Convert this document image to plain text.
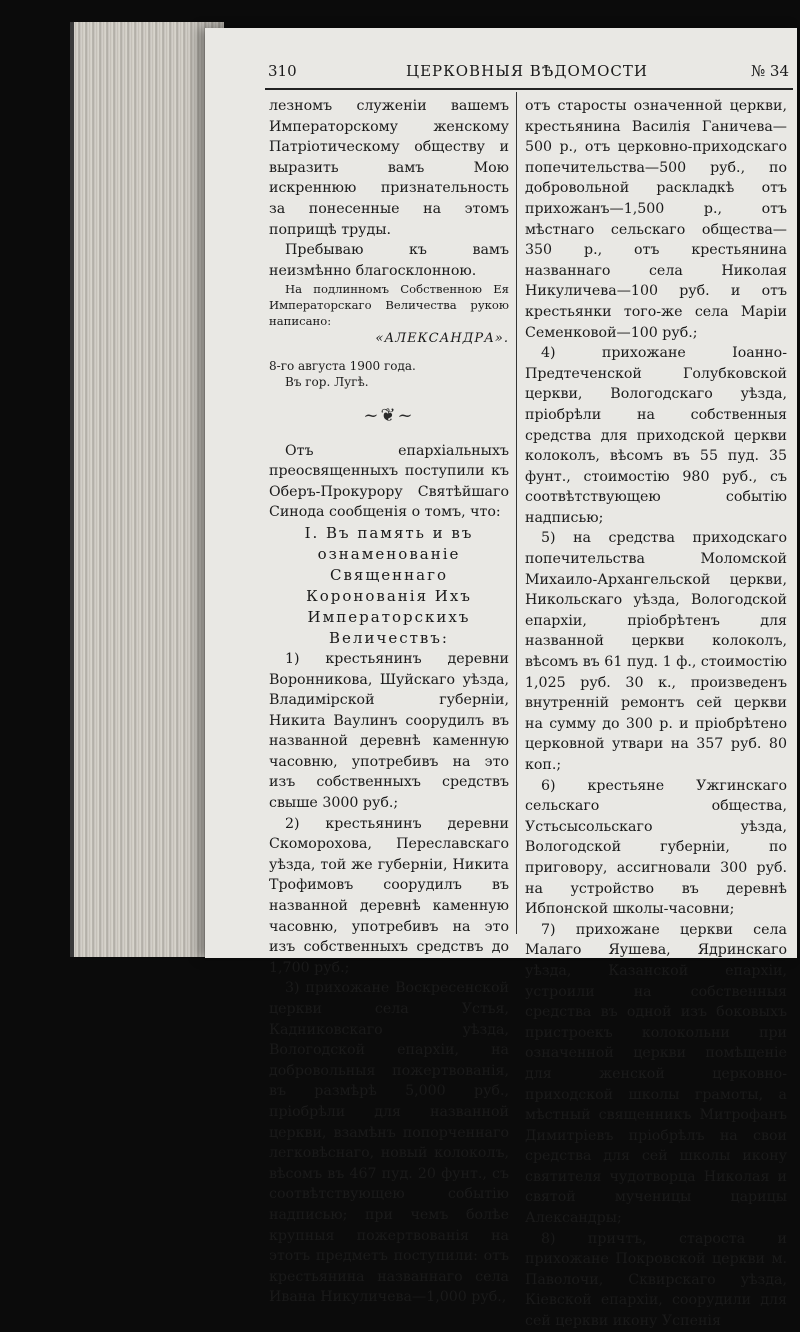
310	ЦЕРКОВНЫЯ ВѢДОМОСТИ	№ 34

лезномъ служеніи вашемъ Императорскому женскому Патріотическому обществу и выразить вамъ Мою искреннюю признательность за понесенные на этомъ поприщѣ труды.

Пребываю къ вамъ неизмѣнно благосклонною.

На подлинномъ Собственною Ея Императорскаго Величества рукою написано:

«АЛЕКСАНДРА».

8-го августа 1900 года.
Въ гор. Лугѣ.
~❦~

Отъ епархіальныхъ преосвященныхъ поступили къ Оберъ-Прокурору Святѣйшаго Синода сообщенія о томъ, что:

I. Въ память и въ ознаменованіе Священнаго Коронованія Ихъ Императорскихъ Величествъ:

1) крестьянинъ деревни Воронникова, Шуйскаго уѣзда, Владимірской губерніи, Никита Ваулинъ соорудилъ въ названной деревнѣ каменную часовню, употребивъ на это изъ собственныхъ средствъ свыше 3000 руб.;

2) крестьянинъ деревни Скоморохова, Переславскаго уѣзда, той же губерніи, Никита Трофимовъ соорудилъ въ названной деревнѣ каменную часовню, употребивъ на это изъ собственныхъ средствъ до 1,700 руб.;

3) прихожане Воскресенской церкви села Устья, Кадниковскаго уѣзда, Вологодской епархіи, на добровольныя пожертвованія, въ размѣрѣ 5,000 руб., пріобрѣли для названной церкви, взамѣнъ попорченнаго легковѣснаго, новый колоколъ, вѣсомъ въ 467 пуд. 20 фунт., съ соотвѣтствующею событію надписью; при чемъ болѣе крупныя пожертвованія на этотъ предметъ поступили: отъ крестьянина названнаго села Ивана Никуличева—1,000 руб.,

отъ старосты означенной церкви, крестьянина Василія Ганичева—500 р., отъ церковно-приходскаго попечительства—500 руб., по добровольной раскладкѣ отъ прихожанъ—1,500 р., отъ мѣстнаго сельскаго общества—350 р., отъ крестьянина названнаго села Николая Никуличева—100 руб. и отъ крестьянки того-же села Маріи Семенковой—100 руб.;

4) прихожане Іоанно-Предтеченской Голубковской церкви, Вологодскаго уѣзда, пріобрѣли на собственныя средства для приходской церкви колоколъ, вѣсомъ въ 55 пуд. 35 фунт., стоимостію 980 руб., съ соотвѣтствующею событію надписью;

5) на средства приходскаго попечительства Моломской Михаило-Архангельской церкви, Никольскаго уѣзда, Вологодской епархіи, пріобрѣтенъ для названной церкви колоколъ, вѣсомъ въ 61 пуд. 1 ф., стоимостію 1,025 руб. 30 к., произведенъ внутренній ремонтъ сей церкви на сумму до 300 р. и пріобрѣтено церковной утвари на 357 руб. 80 коп.;

6) крестьяне Ужгинскаго сельскаго общества, Устьсысольскаго уѣзда, Вологодской губерніи, по приговору, ассигновали 300 руб. на устройство въ деревнѣ Ибпонской школы-часовни;

7) прихожане церкви села Малаго Яушева, Ядринскаго уѣзда, Казанской епархіи, устроили на собственныя средства въ одной изъ боковыхъ пристроекъ колокольни при означенной церкви помѣщеніе для женской церковно-приходской школы грамоты, а мѣстный священникъ Митрофанъ Димитріевъ пріобрѣлъ на свои средства для сей школы икону святителя чудотворца Николая и святой мученицы царицы Александры;

8) причтъ, староста и прихожане Покровской церкви м. Паволочи, Сквирскаго уѣзда, Кіевской епархіи, соорудили для сей церкви икону Успенія
